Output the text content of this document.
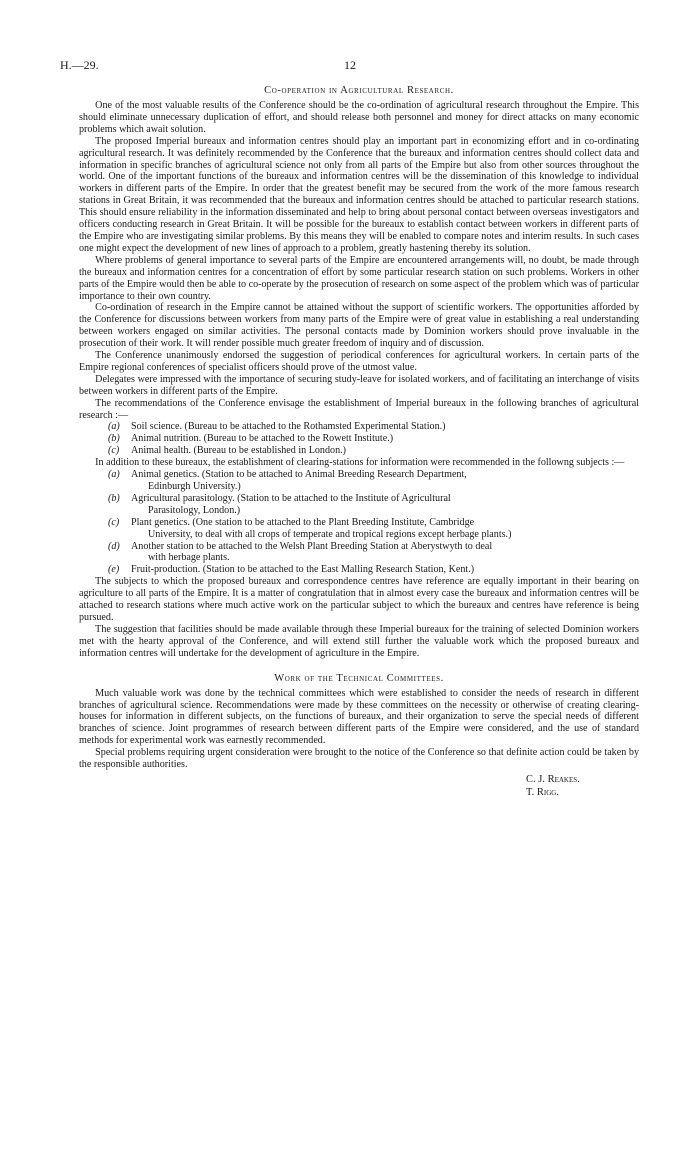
H.—29.	12
Co-operation in Agricultural Research.

One of the most valuable results of the Conference should be the co-ordination of agricultural research throughout the Empire. This should eliminate unnecessary duplication of effort, and should release both personnel and money for direct attacks on many economic problems which await solution.

The proposed Imperial bureaux and information centres should play an important part in economizing effort and in co-ordinating agricultural research. It was definitely recommended by the Conference that the bureaux and information centres should collect data and information in specific branches of agricultural science not only from all parts of the Empire but also from other sources throughout the world. One of the important functions of the bureaux and information centres will be the dissemination of this knowledge to individual workers in different parts of the Empire. In order that the greatest benefit may be secured from the work of the more famous research stations in Great Britain, it was recommended that the bureaux and information centres should be attached to particular research stations. This should ensure reliability in the information disseminated and help to bring about personal contact between overseas investigators and officers conducting research in Great Britain. It will be possible for the bureaux to establish contact between workers in different parts of the Empire who are investigating similar problems. By this means they will be enabled to compare notes and interim results. In such cases one might expect the development of new lines of approach to a problem, greatly hastening thereby its solution.

Where problems of general importance to several parts of the Empire are encountered arrangements will, no doubt, be made through the bureaux and information centres for a concentration of effort by some particular research station on such problems. Workers in other parts of the Empire would then be able to co-operate by the prosecution of research on some aspect of the problem which was of particular importance to their own country.

Co-ordination of research in the Empire cannot be attained without the support of scientific workers. The opportunities afforded by the Conference for discussions between workers from many parts of the Empire were of great value in establishing a real understanding between workers engaged on similar activities. The personal contacts made by Dominion workers should prove invaluable in the prosecution of their work. It will render possible much greater freedom of inquiry and of discussion.

The Conference unanimously endorsed the suggestion of periodical conferences for agricultural workers. In certain parts of the Empire regional conferences of specialist officers should prove of the utmost value.

Delegates were impressed with the importance of securing study-leave for isolated workers, and of facilitating an interchange of visits between workers in different parts of the Empire.

The recommendations of the Conference envisage the establishment of Imperial bureaux in the following branches of agricultural research :—

(a) Soil science. (Bureau to be attached to the Rothamsted Experimental Station.)
(b) Animal nutrition. (Bureau to be attached to the Rowett Institute.)
(c) Animal health. (Bureau to be established in London.)

In addition to these bureaux, the establishment of clearing-stations for information were recommended in the followng subjects :—

(a) Animal genetics. (Station to be attached to Animal Breeding Research Department,
Edinburgh University.)
(b) Agricultural parasitology. (Station to be attached to the Institute of Agricultural
Parasitology, London.)
(c) Plant genetics. (One station to be attached to the Plant Breeding Institute, Cambridge
University, to deal with all crops of temperate and tropical regions except herbage plants.)
(d) Another station to be attached to the Welsh Plant Breeding Station at Aberystwyth to deal
with herbage plants.
(e) Fruit-production. (Station to be attached to the East Malling Research Station, Kent.)

The subjects to which the proposed bureaux and correspondence centres have reference are equally important in their bearing on agriculture to all parts of the Empire. It is a matter of congratulation that in almost every case the bureaux and information centres will be attached to research stations where much active work on the particular subject to which the bureaux and centres have reference is being pursued.

The suggestion that facilities should be made available through these Imperial bureaux for the training of selected Dominion workers met with the hearty approval of the Conference, and will extend still further the valuable work which the proposed bureaux and information centres will undertake for the development of agriculture in the Empire.

Work of the Technical Committees.

Much valuable work was done by the technical committees which were established to consider the needs of research in different branches of agricultural science. Recommendations were made by these committees on the necessity or otherwise of creating clearing-houses for information in different subjects, on the functions of bureaux, and their organization to serve the special needs of different branches of science. Joint programmes of research between different parts of the Empire were considered, and the use of standard methods for experimental work was earnestly recommended.

Special problems requiring urgent consideration were brought to the notice of the Conference so that definite action could be taken by the responsible authorities.

C. J. Reakes.
T. Rigg.
